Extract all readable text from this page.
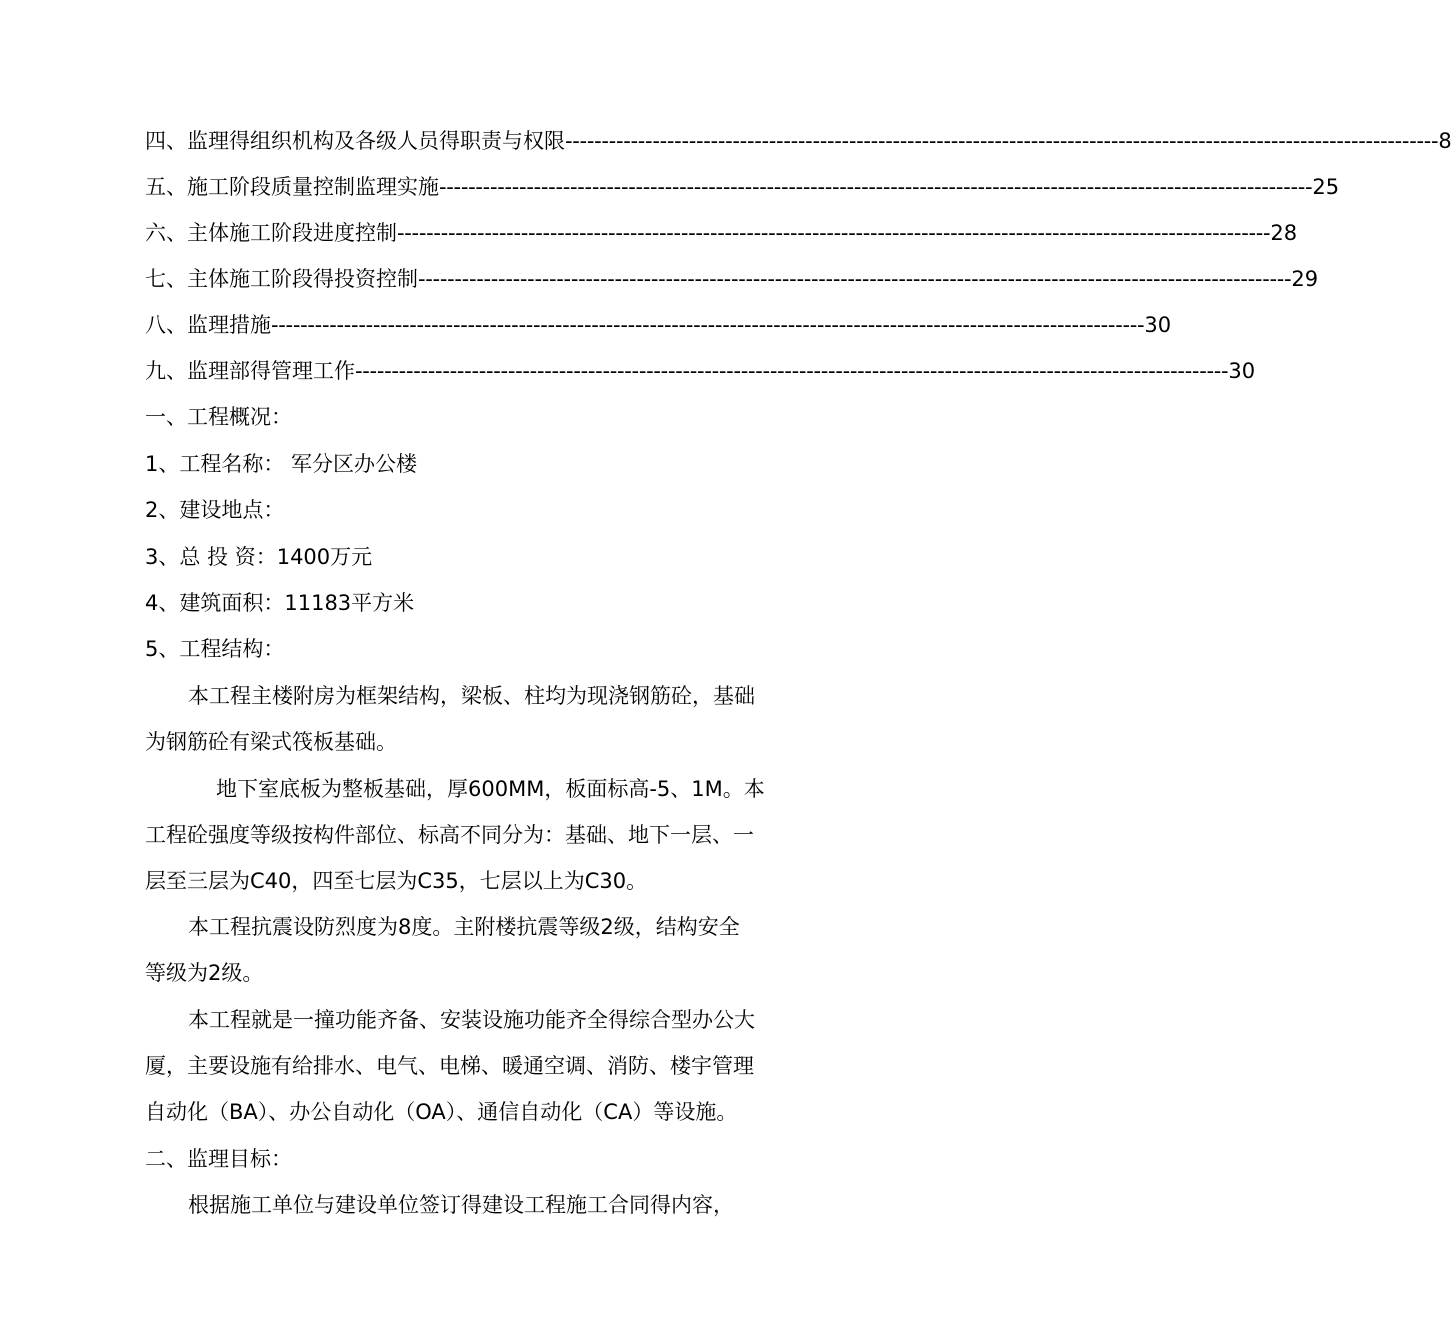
四、监理得组织机构及各级人员得职责与权限 ------------------------------------------------------------------------------------------------------------------------ 8
五、施工阶段质量控制监理实施 ------------------------------------------------------------------------------------------------------------------------ 25
六、主体施工阶段进度控制 ------------------------------------------------------------------------------------------------------------------------ 28
七、主体施工阶段得投资控制 ------------------------------------------------------------------------------------------------------------------------ 29
八、监理措施 ------------------------------------------------------------------------------------------------------------------------ 30
九、监理部得管理工作 ------------------------------------------------------------------------------------------------------------------------ 30
一、工程概况：
1、工程名称： 军分区办公楼
2、建设地点：
3、总 投 资：1400万元
4、建筑面积：11183平方米
5、工程结构：
本工程主楼附房为框架结构，梁板、柱均为现浇钢筋砼，基础
为钢筋砼有梁式筏板基础。
地下室底板为整板基础，厚600MM，板面标高-5、1M。本
工程砼强度等级按构件部位、标高不同分为：基础、地下一层、一
层至三层为C40，四至七层为C35，七层以上为C30。
本工程抗震设防烈度为8度。主附楼抗震等级2级，结构安全
等级为2级。
本工程就是一撞功能齐备、安装设施功能齐全得综合型办公大
厦，主要设施有给排水、电气、电梯、暖通空调、消防、楼宇管理
自动化（BA）、办公自动化（OA）、通信自动化（CA）等设施。
二、监理目标：
根据施工单位与建设单位签订得建设工程施工合同得内容，
